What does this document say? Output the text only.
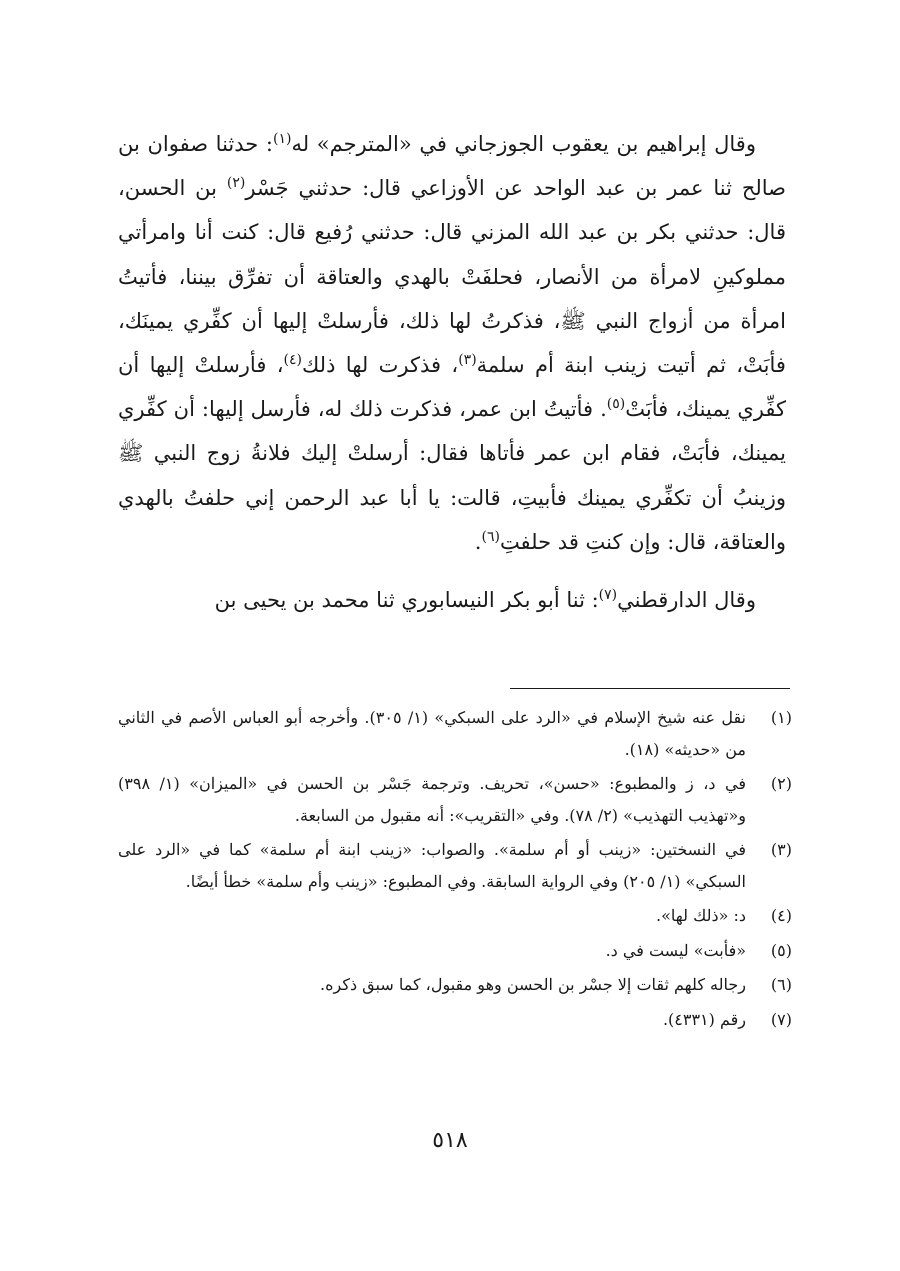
وقال إبراهيم بن يعقوب الجوزجاني في «المترجم» له$^{(١)}$: حدثنا صفوان بن صالح ثنا عمر بن عبد الواحد عن الأوزاعي قال: حدثني جَسْر$^{(٢)}$ بن الحسن، قال: حدثني بكر بن عبد الله المزني قال: حدثني رُفيع قال: كنت أنا وامرأتي مملوكينِ لامرأة من الأنصار، فحلفَتْ بالهدي والعتاقة أن تفرِّق بيننا، فأتيتُ امرأة من أزواج النبي ﷺ، فذكرتُ لها ذلك، فأرسلتْ إليها أن كفِّري يمينَك، فأبَتْ، ثم أتيت زينب ابنة أم سلمة$^{(٣)}$، فذكرت لها ذلك$^{(٤)}$، فأرسلتْ إليها أن كفِّري يمينك، فأبَتْ$^{(٥)}$. فأتيتُ ابن عمر، فذكرت ذلك له، فأرسل إليها: أن كفِّري يمينك، فأبَتْ، فقام ابن عمر فأتاها فقال: أرسلتْ إليك فلانةُ زوج النبي ﷺ وزينبُ أن تكفِّري يمينك فأبيتِ، قالت: يا أبا عبد الرحمن إني حلفتُ بالهدي والعتاقة، قال: وإن كنتِ قد حلفتِ$^{(٦)}$.

وقال الدارقطني$^{(٧)}$: ثنا أبو بكر النيسابوري ثنا محمد بن يحيى بن

(١)
نقل عنه شيخ الإسلام في «الرد على السبكي» (١/ ٣٠٥). وأخرجه أبو العباس الأصم في الثاني من «حديثه» (١٨).
(٢)
في د، ز والمطبوع: «حسن»، تحريف. وترجمة جَسْر بن الحسن في «الميزان» (١/ ٣٩٨) و«تهذيب التهذيب» (٢/ ٧٨). وفي «التقريب»: أنه مقبول من السابعة.
(٣)
في النسختين: «زينب أو أم سلمة». والصواب: «زينب ابنة أم سلمة» كما في «الرد على السبكي» (١/ ٢٠٥) وفي الرواية السابقة. وفي المطبوع: «زينب وأم سلمة» خطأ أيضًا.
(٤)
د: «ذلك لها».
(٥)
«فأبت» ليست في د.
(٦)
رجاله كلهم ثقات إلا جسْر بن الحسن وهو مقبول، كما سبق ذكره.
(٧)
رقم (٤٣٣١).
٥١٨
